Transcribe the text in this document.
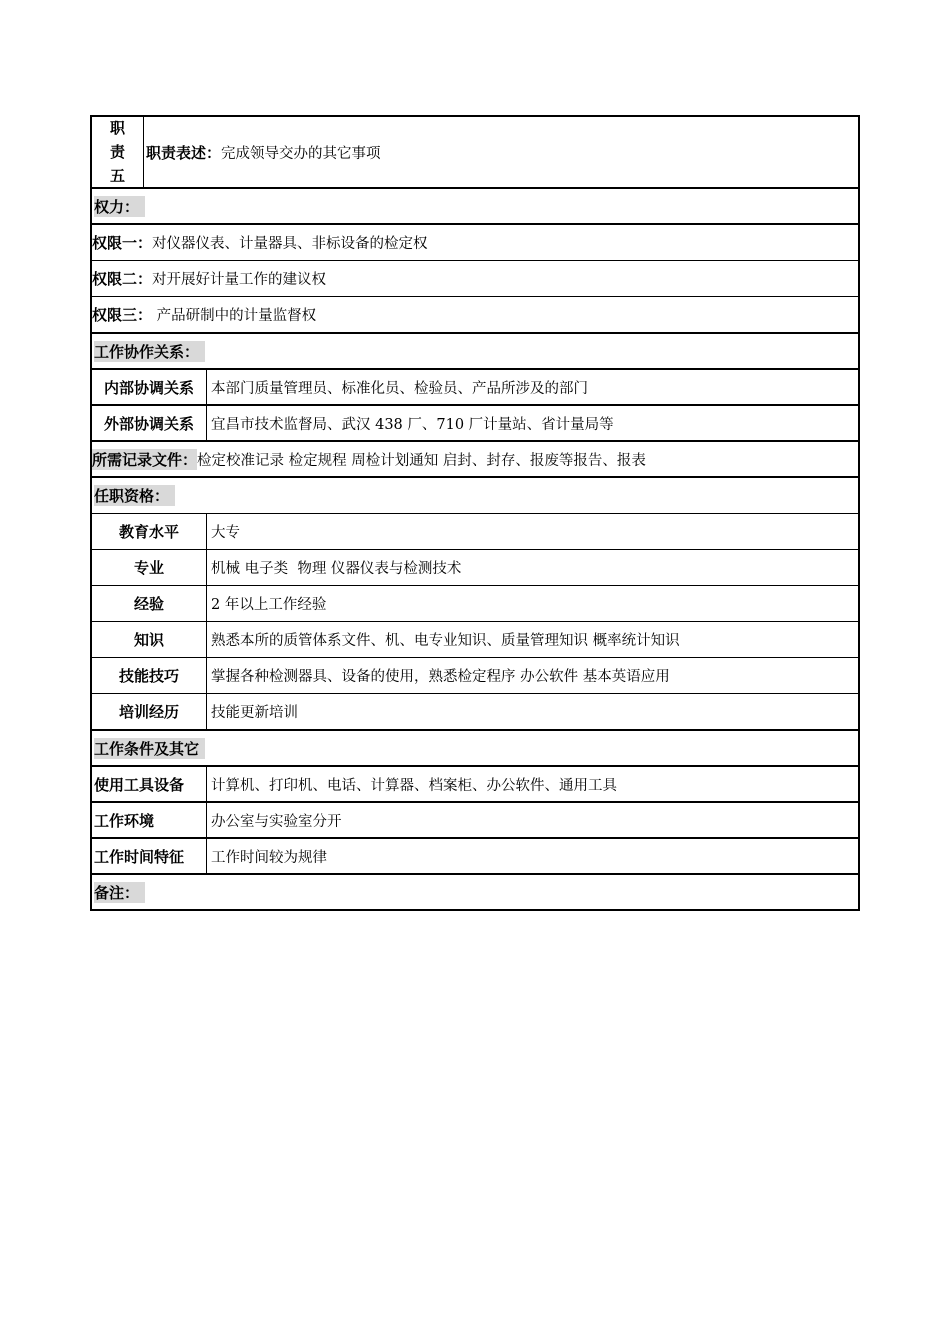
职
责
五
职责表述： 完成领导交办的其它事项
权力：
权限一： 对仪器仪表、计量器具、非标设备的检定权
权限二： 对开展好计量工作的建议权
权限三： 产品研制中的计量监督权
工作协作关系：
内部协调关系	本部门质量管理员、标准化员、检验员、产品所涉及的部门
外部协调关系	宜昌市技术监督局、武汉 438 厂、710 厂计量站、省计量局等
所需记录文件： 检定校准记录 检定规程 周检计划通知 启封、封存、报废等报告、报表
任职资格：
教育水平	大专
专业	机械 电子类  物理 仪器仪表与检测技术
经验	2 年以上工作经验
知识	熟悉本所的质管体系文件、机、电专业知识、质量管理知识 概率统计知识
技能技巧	掌握各种检测器具、设备的使用，熟悉检定程序 办公软件 基本英语应用
培训经历	技能更新培训
工作条件及其它
使用工具设备	计算机、打印机、电话、计算器、档案柜、办公软件、通用工具
工作环境	办公室与实验室分开
工作时间特征	工作时间较为规律
备注：
